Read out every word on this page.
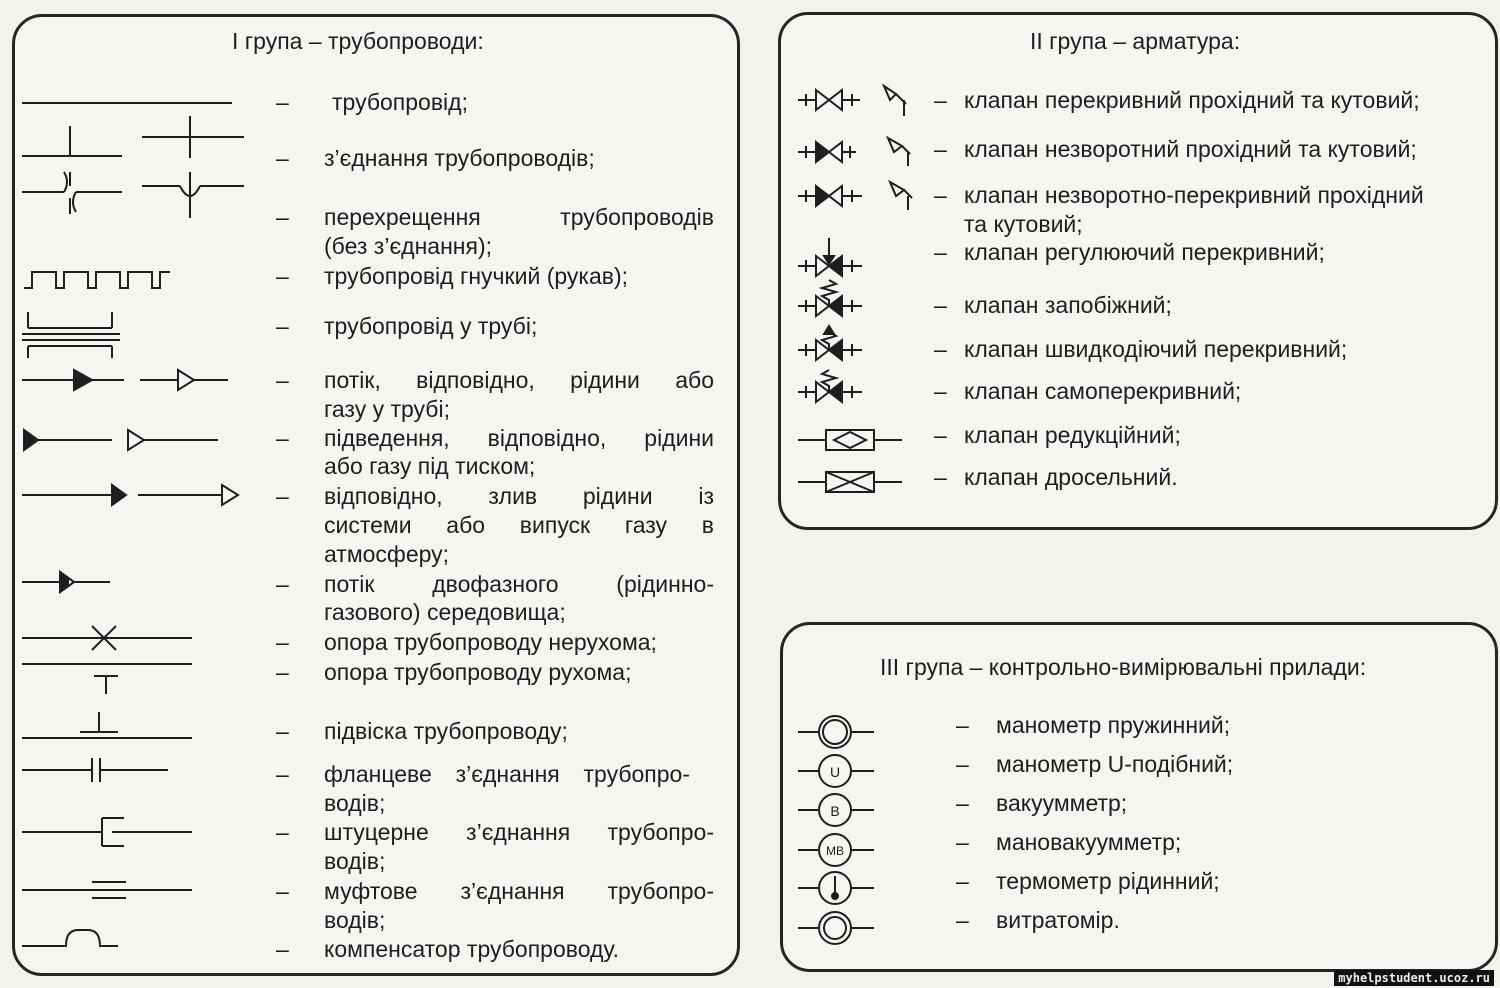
І група – трубопроводи:
– трубопровід;
– з’єднання трубопроводів;
– перехрещення трубопроводів
(без з’єднання);
– трубопровід гнучкий (рукав);
– трубопровід у трубі;
– потік, відповідно, рідини або
газу у трубі;
– підведення, відповідно, рідини
або газу під тиском;
– відповідно, злив рідини із
системи або випуск газу в
атмосферу;
– потік двофазного (рідинно-
газового) середовища;
– опора трубопроводу нерухома;
– опора трубопроводу рухома;
– підвіска трубопроводу;
– фланцеве з’єднання трубопро-
водів;
– штуцерне з’єднання трубопро-
водів;
– муфтове з’єднання трубопро-
водів;
– компенсатор трубопроводу.
ІІ група – арматура:
– клапан перекривний прохідний та кутовий;
– клапан незворотний прохідний та кутовий;
– клапан незворотно-перекривний прохідний
та кутовий;
– клапан регулюючий перекривний;
– клапан запобіжний;
– клапан швидкодіючий перекривний;
– клапан самоперекривний;
– клапан редукційний;
– клапан дросельний.
ІІІ група – контрольно-вимірювальні прилади:
U
В
МВ
– манометр пружинний;
– манометр U-подібний;
– вакуумметр;
– мановакуумметр;
– термометр рідинний;
– витратомір.
myhelpstudent.ucoz.ru
